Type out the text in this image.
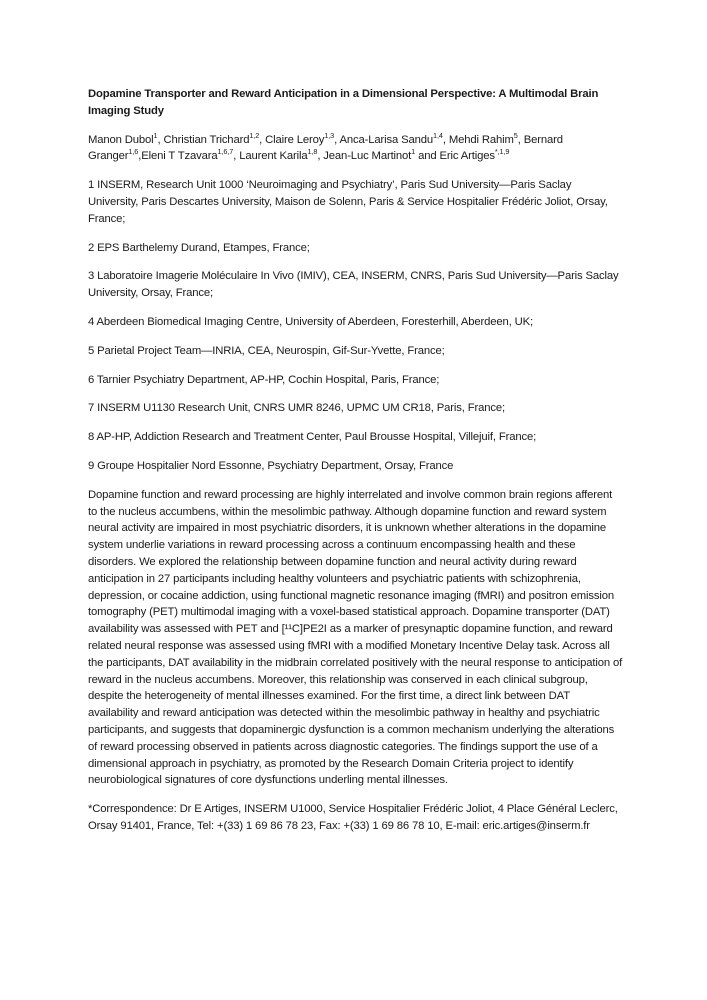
Dopamine Transporter and Reward Anticipation in a Dimensional Perspective: A Multimodal Brain Imaging Study

Manon Dubol$^1$, Christian Trichard$^{1,2}$, Claire Leroy$^{1,3}$, Anca-Larisa Sandu$^{1,4}$, Mehdi Rahim$^5$, Bernard Granger$^{1,6}$,Eleni T Tzavara$^{1,6,7}$, Laurent Karila$^{1,8}$, Jean-Luc Martinot$^1$ and Eric Artiges$^{*,1,9}$

1 INSERM, Research Unit 1000 ‘Neuroimaging and Psychiatry’, Paris Sud University—Paris Saclay University, Paris Descartes University, Maison de Solenn, Paris & Service Hospitalier Frédéric Joliot, Orsay, France;

2 EPS Barthelemy Durand, Etampes, France;

3 Laboratoire Imagerie Moléculaire In Vivo (IMIV), CEA, INSERM, CNRS, Paris Sud University—Paris Saclay University, Orsay, France;

4 Aberdeen Biomedical Imaging Centre, University of Aberdeen, Foresterhill, Aberdeen, UK;

5 Parietal Project Team—INRIA, CEA, Neurospin, Gif-Sur-Yvette, France;

6 Tarnier Psychiatry Department, AP-HP, Cochin Hospital, Paris, France;

7 INSERM U1130 Research Unit, CNRS UMR 8246, UPMC UM CR18, Paris, France;

8 AP-HP, Addiction Research and Treatment Center, Paul Brousse Hospital, Villejuif, France;

9 Groupe Hospitalier Nord Essonne, Psychiatry Department, Orsay, France

Dopamine function and reward processing are highly interrelated and involve common brain regions afferent to the nucleus accumbens, within the mesolimbic pathway. Although dopamine function and reward system neural activity are impaired in most psychiatric disorders, it is unknown whether alterations in the dopamine system underlie variations in reward processing across a continuum encompassing health and these disorders. We explored the relationship between dopamine function and neural activity during reward anticipation in 27 participants including healthy volunteers and psychiatric patients with schizophrenia, depression, or cocaine addiction, using functional magnetic resonance imaging (fMRI) and positron emission tomography (PET) multimodal imaging with a voxel-based statistical approach. Dopamine transporter (DAT) availability was assessed with PET and [¹¹C]PE2I as a marker of presynaptic dopamine function, and reward related neural response was assessed using fMRI with a modified Monetary Incentive Delay task. Across all the participants, DAT availability in the midbrain correlated positively with the neural response to anticipation of reward in the nucleus accumbens. Moreover, this relationship was conserved in each clinical subgroup, despite the heterogeneity of mental illnesses examined. For the first time, a direct link between DAT availability and reward anticipation was detected within the mesolimbic pathway in healthy and psychiatric participants, and suggests that dopaminergic dysfunction is a common mechanism underlying the alterations of reward processing observed in patients across diagnostic categories. The findings support the use of a dimensional approach in psychiatry, as promoted by the Research Domain Criteria project to identify neurobiological signatures of core dysfunctions underling mental illnesses.

*Correspondence: Dr E Artiges, INSERM U1000, Service Hospitalier Frédéric Joliot, 4 Place Général Leclerc, Orsay 91401, France, Tel: +(33) 1 69 86 78 23, Fax: +(33) 1 69 86 78 10, E-mail: eric.artiges@inserm.fr
